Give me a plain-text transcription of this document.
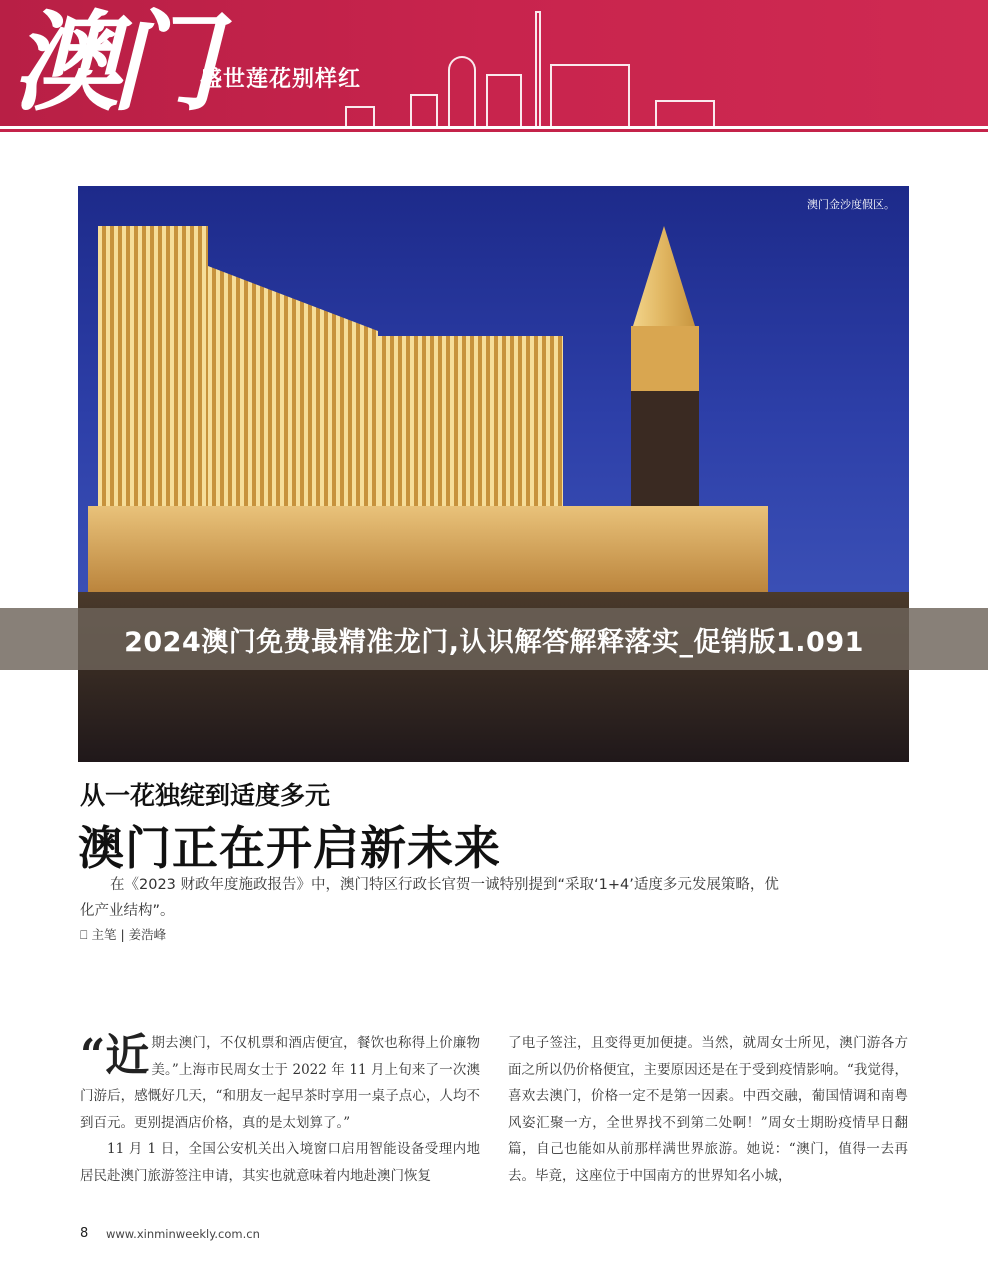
澳门
盛世莲花别样红
澳门金沙度假区。
2024澳门免费最精准龙门,认识解答解释落实_促销版1.091
从一花独绽到适度多元
澳门正在开启新未来
在《2023 财政年度施政报告》中，澳门特区行政长官贺一诚特别提到“采取‘1+4’适度多元发展策略，优化产业结构”。
⎕ 主笔 | 姜浩峰

“近期去澳门，不仅机票和酒店便宜，餐饮也称得上价廉物美。”上海市民周女士于 2022 年 11 月上旬来了一次澳门游后，感慨好几天，“和朋友一起早茶时享用一桌子点心，人均不到百元。更别提酒店价格，真的是太划算了。”

11 月 1 日，全国公安机关出入境窗口启用智能设备受理内地居民赴澳门旅游签注申请，其实也就意味着内地赴澳门恢复

了电子签注，且变得更加便捷。当然，就周女士所见，澳门游各方面之所以仍价格便宜，主要原因还是在于受到疫情影响。“我觉得，喜欢去澳门，价格一定不是第一因素。中西交融，葡国情调和南粤风姿汇聚一方，全世界找不到第二处啊！”周女士期盼疫情早日翻篇，自己也能如从前那样满世界旅游。她说：“澳门，值得一去再去。毕竟，这座位于中国南方的世界知名小城，

8 www.xinminweekly.com.cn
